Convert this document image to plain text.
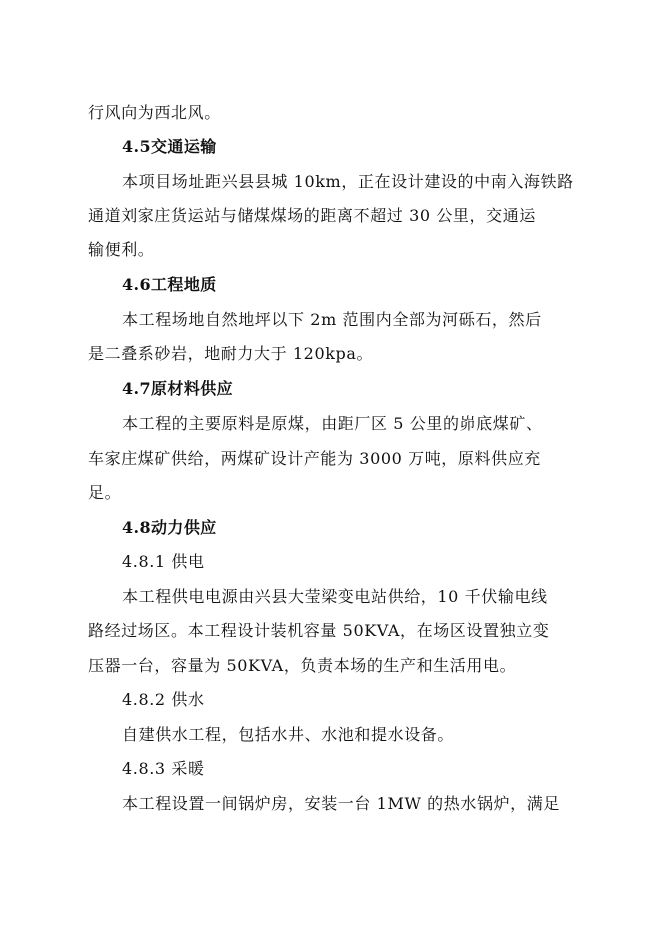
行风向为西北风。
4.5交通运输
本项目场址距兴县县城 10km，正在设计建设的中南入海铁路
通道刘家庄货运站与储煤煤场的距离不超过 30 公里，交通运
输便利。
4.6工程地质
本工程场地自然地坪以下 2m 范围内全部为河砾石，然后
是二叠系砂岩，地耐力大于 120kpa。
4.7原材料供应
本工程的主要原料是原煤，由距厂区 5 公里的峁底煤矿、
车家庄煤矿供给，两煤矿设计产能为 3000 万吨，原料供应充
足。
4.8动力供应
4.8.1 供电
本工程供电电源由兴县大莹梁变电站供给，10 千伏输电线
路经过场区。本工程设计装机容量 50KVA，在场区设置独立变
压器一台，容量为 50KVA，负责本场的生产和生活用电。
4.8.2 供水
自建供水工程，包括水井、水池和提水设备。
4.8.3 采暖
本工程设置一间锅炉房，安装一台 1MW 的热水锅炉，满足
